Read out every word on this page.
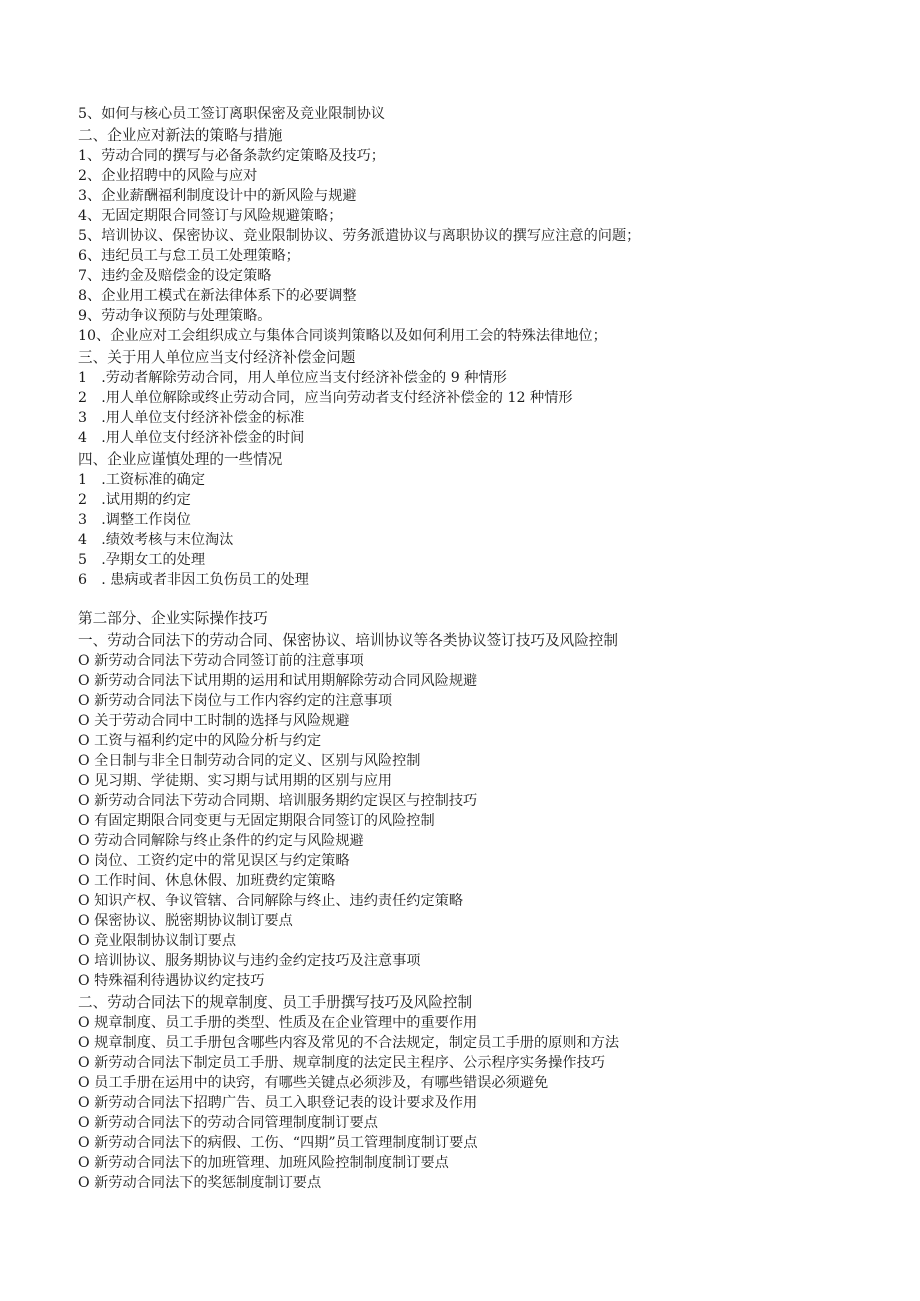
5、如何与核心员工签订离职保密及竞业限制协议
二、企业应对新法的策略与措施
1、劳动合同的撰写与必备条款约定策略及技巧；
2、企业招聘中的风险与应对
3、企业薪酬福利制度设计中的新风险与规避
4、无固定期限合同签订与风险规避策略；
5、培训协议、保密协议、竞业限制协议、劳务派遣协议与离职协议的撰写应注意的问题；
6、违纪员工与怠工员工处理策略；
7、违约金及赔偿金的设定策略
8、企业用工模式在新法律体系下的必要调整
9、劳动争议预防与处理策略。
10、企业应对工会组织成立与集体合同谈判策略以及如何利用工会的特殊法律地位；
三、关于用人单位应当支付经济补偿金问题
1　.劳动者解除劳动合同，用人单位应当支付经济补偿金的 9 种情形
2　.用人单位解除或终止劳动合同，应当向劳动者支付经济补偿金的 12 种情形
3　.用人单位支付经济补偿金的标准
4　.用人单位支付经济补偿金的时间
四、企业应谨慎处理的一些情况
1　.工资标准的确定
2　.试用期的约定
3　.调整工作岗位
4　.绩效考核与末位淘汰
5　.孕期女工的处理
6　. 患病或者非因工负伤员工的处理
第二部分、企业实际操作技巧
一、劳动合同法下的劳动合同、保密协议、培训协议等各类协议签订技巧及风险控制
O 新劳动合同法下劳动合同签订前的注意事项
O 新劳动合同法下试用期的运用和试用期解除劳动合同风险规避
O 新劳动合同法下岗位与工作内容约定的注意事项
O 关于劳动合同中工时制的选择与风险规避
O 工资与福利约定中的风险分析与约定
O 全日制与非全日制劳动合同的定义、区别与风险控制
O 见习期、学徒期、实习期与试用期的区别与应用
O 新劳动合同法下劳动合同期、培训服务期约定误区与控制技巧
O 有固定期限合同变更与无固定期限合同签订的风险控制
O 劳动合同解除与终止条件的约定与风险规避
O 岗位、工资约定中的常见误区与约定策略
O 工作时间、休息休假、加班费约定策略
O 知识产权、争议管辖、合同解除与终止、违约责任约定策略
O 保密协议、脱密期协议制订要点
O 竞业限制协议制订要点
O 培训协议、服务期协议与违约金约定技巧及注意事项
O 特殊福利待遇协议约定技巧
二、劳动合同法下的规章制度、员工手册撰写技巧及风险控制
O 规章制度、员工手册的类型、性质及在企业管理中的重要作用
O 规章制度、员工手册包含哪些内容及常见的不合法规定，制定员工手册的原则和方法
O 新劳动合同法下制定员工手册、规章制度的法定民主程序、公示程序实务操作技巧
O 员工手册在运用中的诀窍，有哪些关键点必须涉及，有哪些错误必须避免
O 新劳动合同法下招聘广告、员工入职登记表的设计要求及作用
O 新劳动合同法下的劳动合同管理制度制订要点
O 新劳动合同法下的病假、工伤、“四期”员工管理制度制订要点
O 新劳动合同法下的加班管理、加班风险控制制度制订要点
O 新劳动合同法下的奖惩制度制订要点
